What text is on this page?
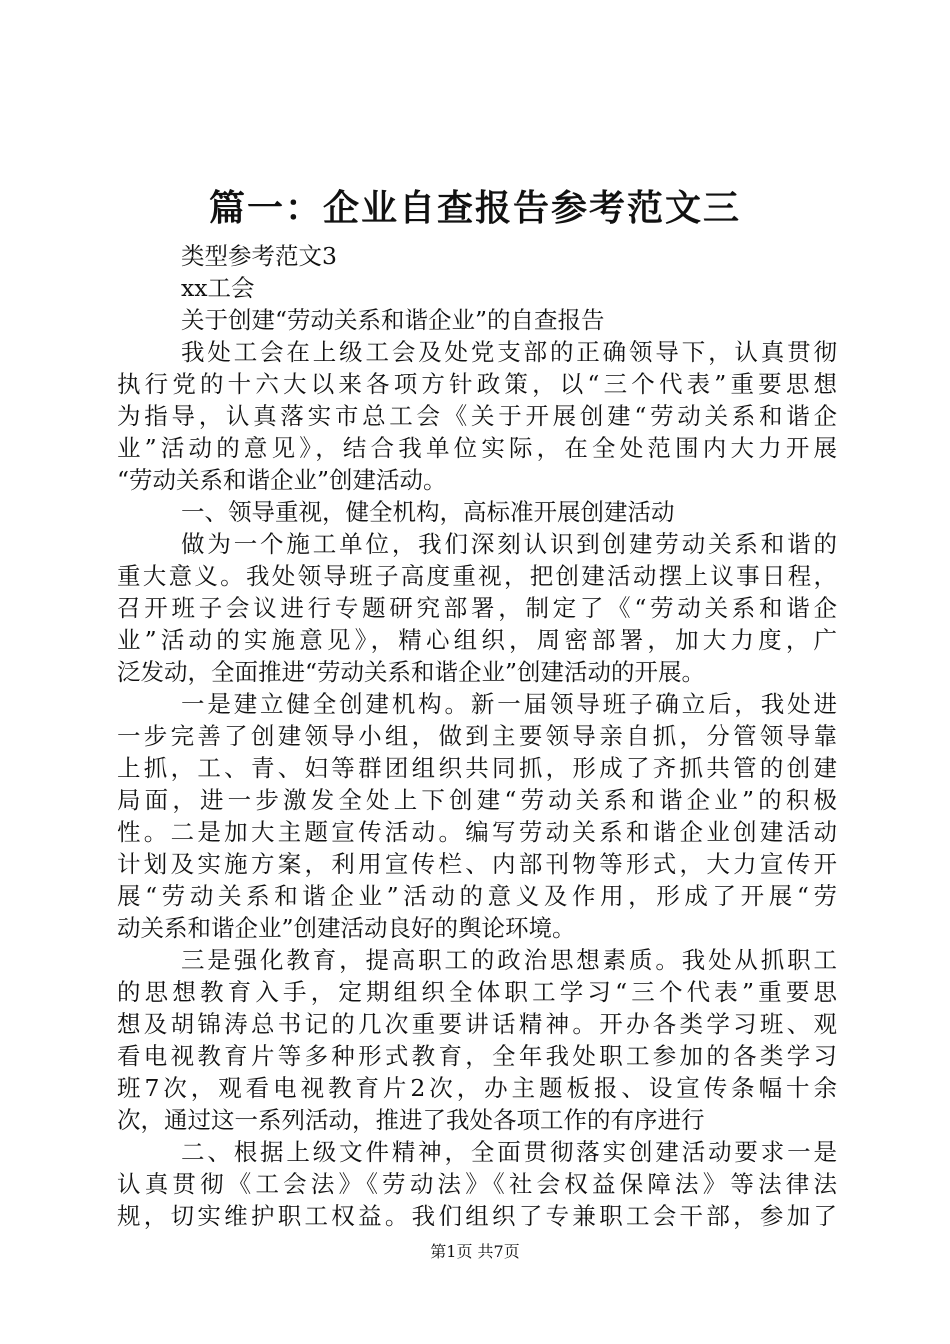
篇一：企业自查报告参考范文三
类型参考范文3
xx工会
关于创建“劳动关系和谐企业”的自查报告
我处工会在上级工会及处党支部的正确领导下，认真贯彻
执行党的十六大以来各项方针政策，以“三个代表”重要思想
为指导，认真落实市总工会《关于开展创建“劳动关系和谐企
业”活动的意见》，结合我单位实际，在全处范围内大力开展
“劳动关系和谐企业”创建活动。
一、领导重视，健全机构，高标准开展创建活动
做为一个施工单位，我们深刻认识到创建劳动关系和谐的
重大意义。我处领导班子高度重视，把创建活动摆上议事日程，
召开班子会议进行专题研究部署，制定了《“劳动关系和谐企
业”活动的实施意见》，精心组织，周密部署，加大力度，广
泛发动，全面推进“劳动关系和谐企业”创建活动的开展。
一是建立健全创建机构。新一届领导班子确立后，我处进
一步完善了创建领导小组，做到主要领导亲自抓，分管领导靠
上抓，工、青、妇等群团组织共同抓，形成了齐抓共管的创建
局面，进一步激发全处上下创建“劳动关系和谐企业”的积极
性。二是加大主题宣传活动。编写劳动关系和谐企业创建活动
计划及实施方案，利用宣传栏、内部刊物等形式，大力宣传开
展“劳动关系和谐企业”活动的意义及作用，形成了开展“劳
动关系和谐企业”创建活动良好的舆论环境。
三是强化教育，提高职工的政治思想素质。我处从抓职工
的思想教育入手，定期组织全体职工学习“三个代表”重要思
想及胡锦涛总书记的几次重要讲话精神。开办各类学习班、观
看电视教育片等多种形式教育，全年我处职工参加的各类学习
班7次，观看电视教育片2次，办主题板报、设宣传条幅十余
次，通过这一系列活动，推进了我处各项工作的有序进行
二、根据上级文件精神，全面贯彻落实创建活动要求一是
认真贯彻《工会法》《劳动法》《社会权益保障法》等法律法
规，切实维护职工权益。我们组织了专兼职工会干部，参加了
第1页 共7页
